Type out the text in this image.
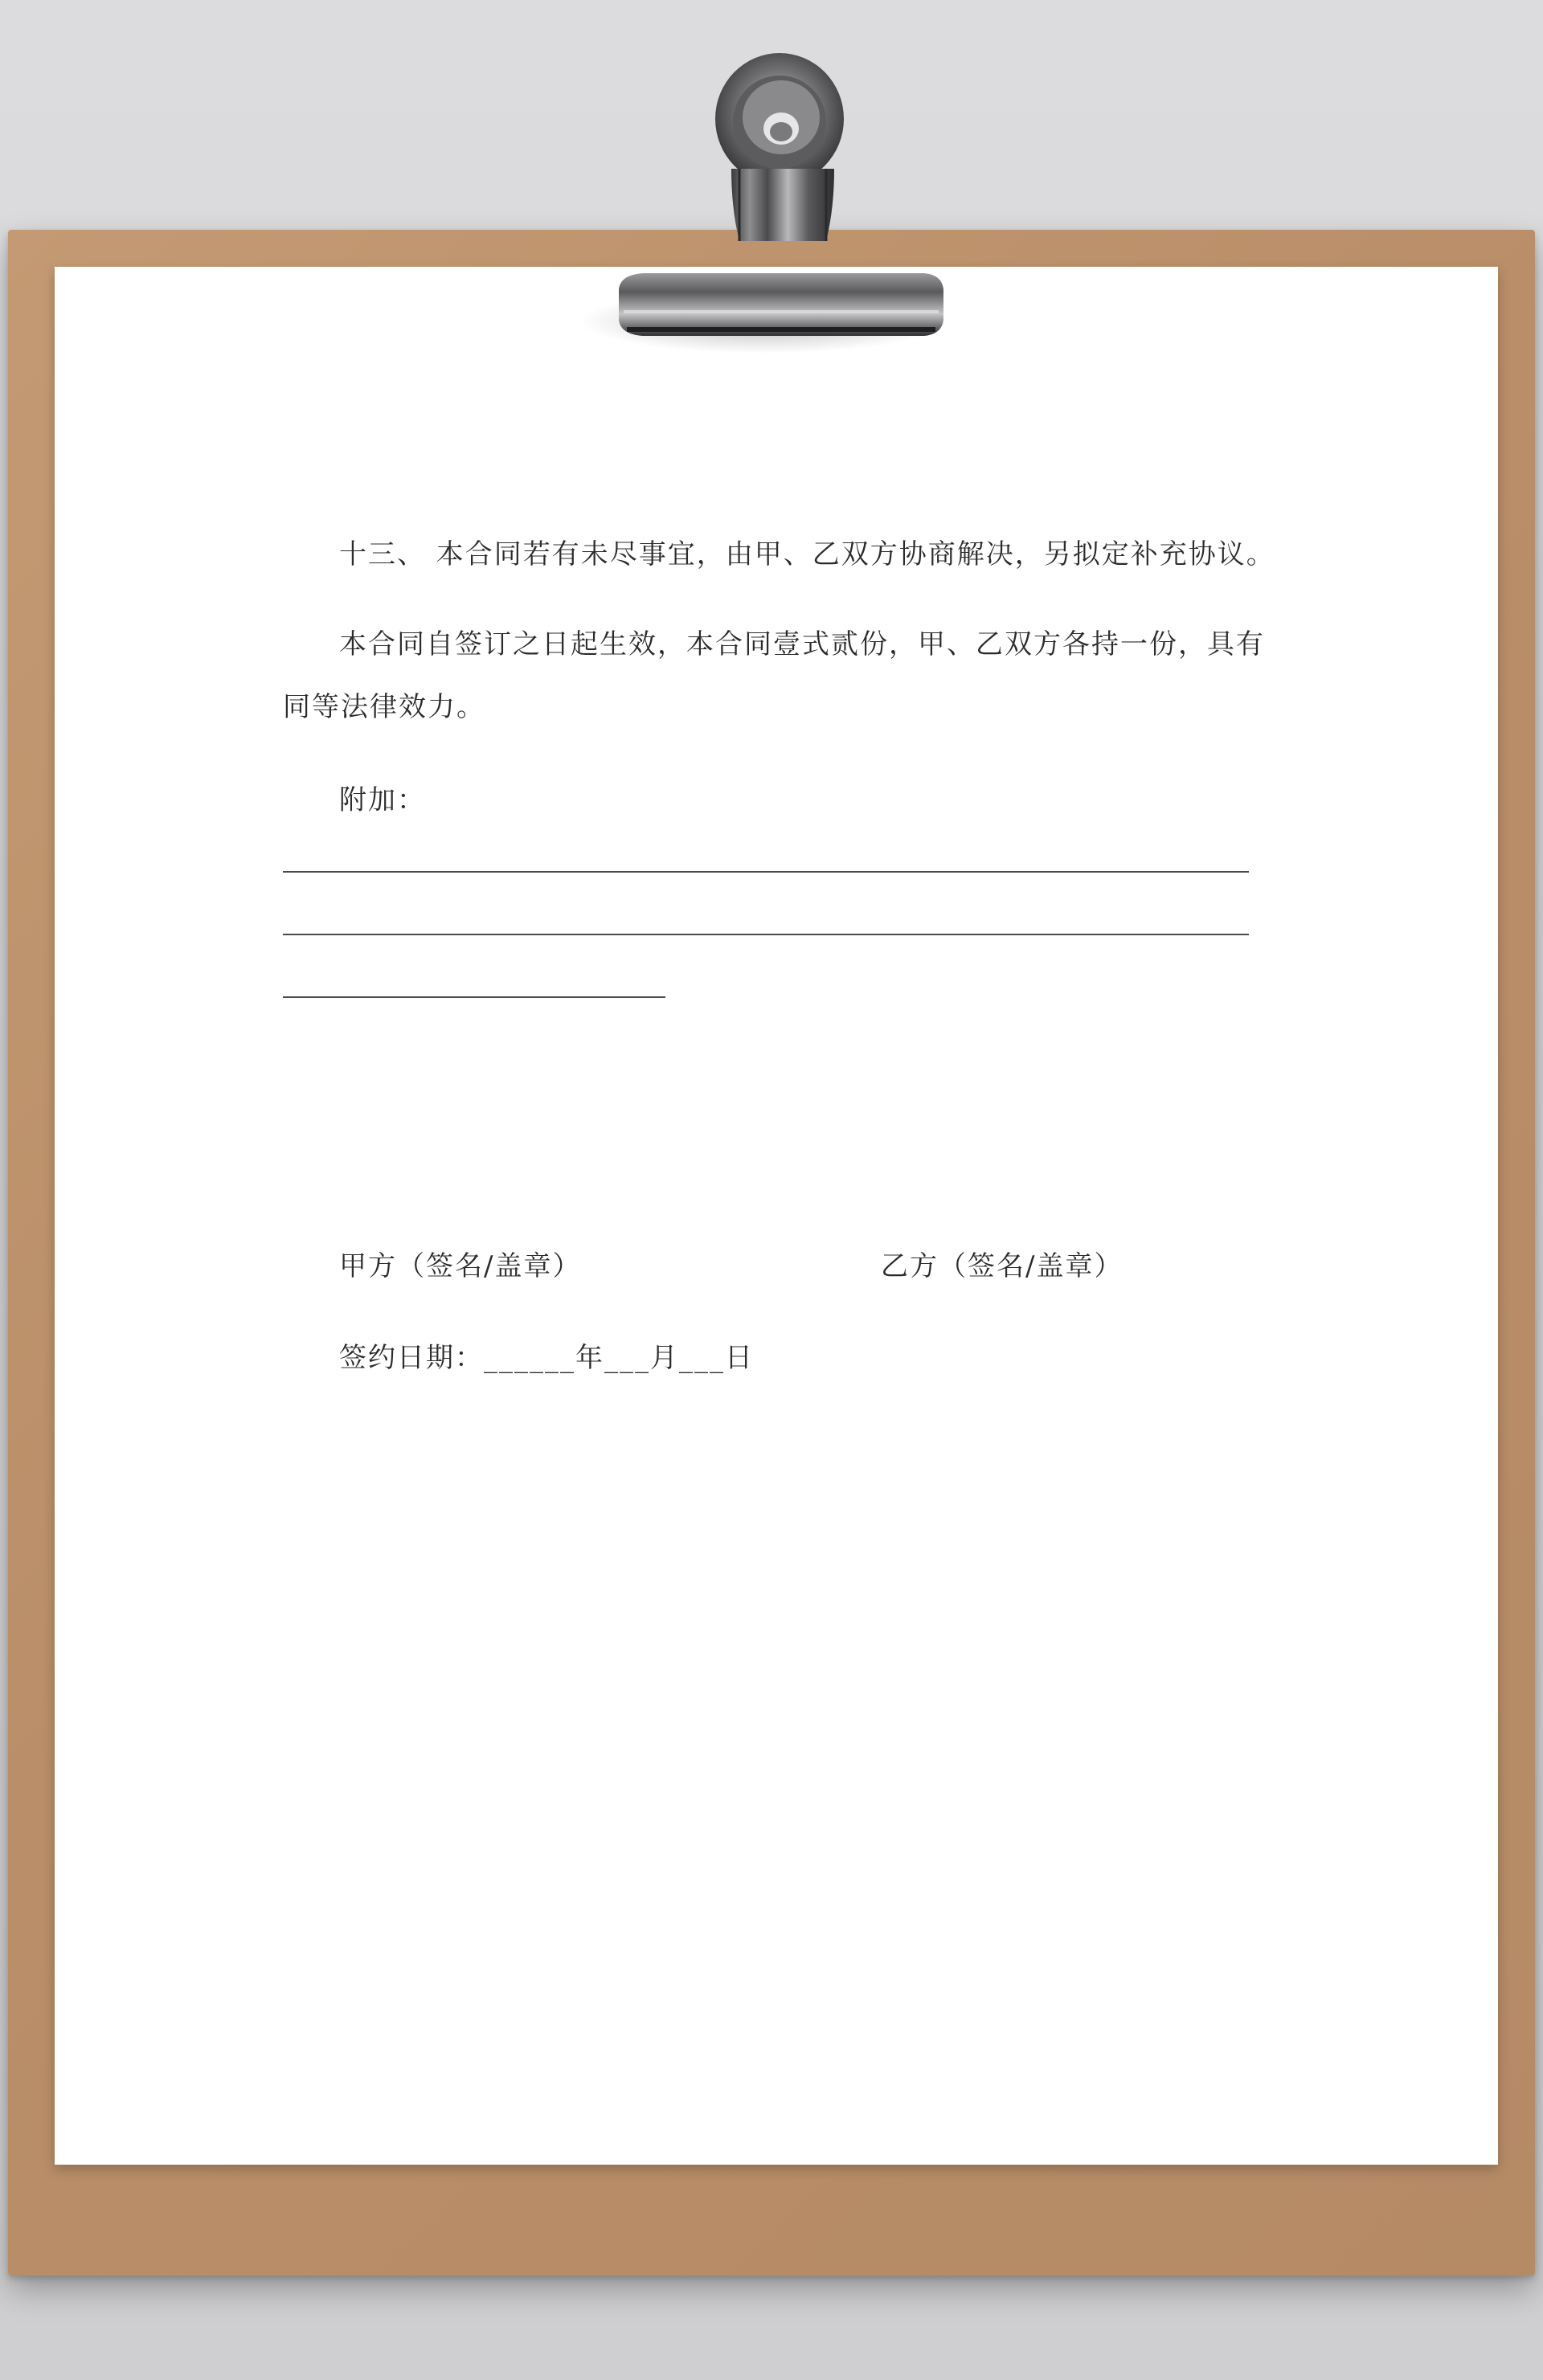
十三、 本合同若有未尽事宜，由甲、乙双方协商解决，另拟定补充协议。
本合同自签订之日起生效，本合同壹式贰份，甲、乙双方各持一份，具有
同等法律效力。
附加：
甲方（签名/盖章）	乙方（签名/盖章）
签约日期：______年___月___日
